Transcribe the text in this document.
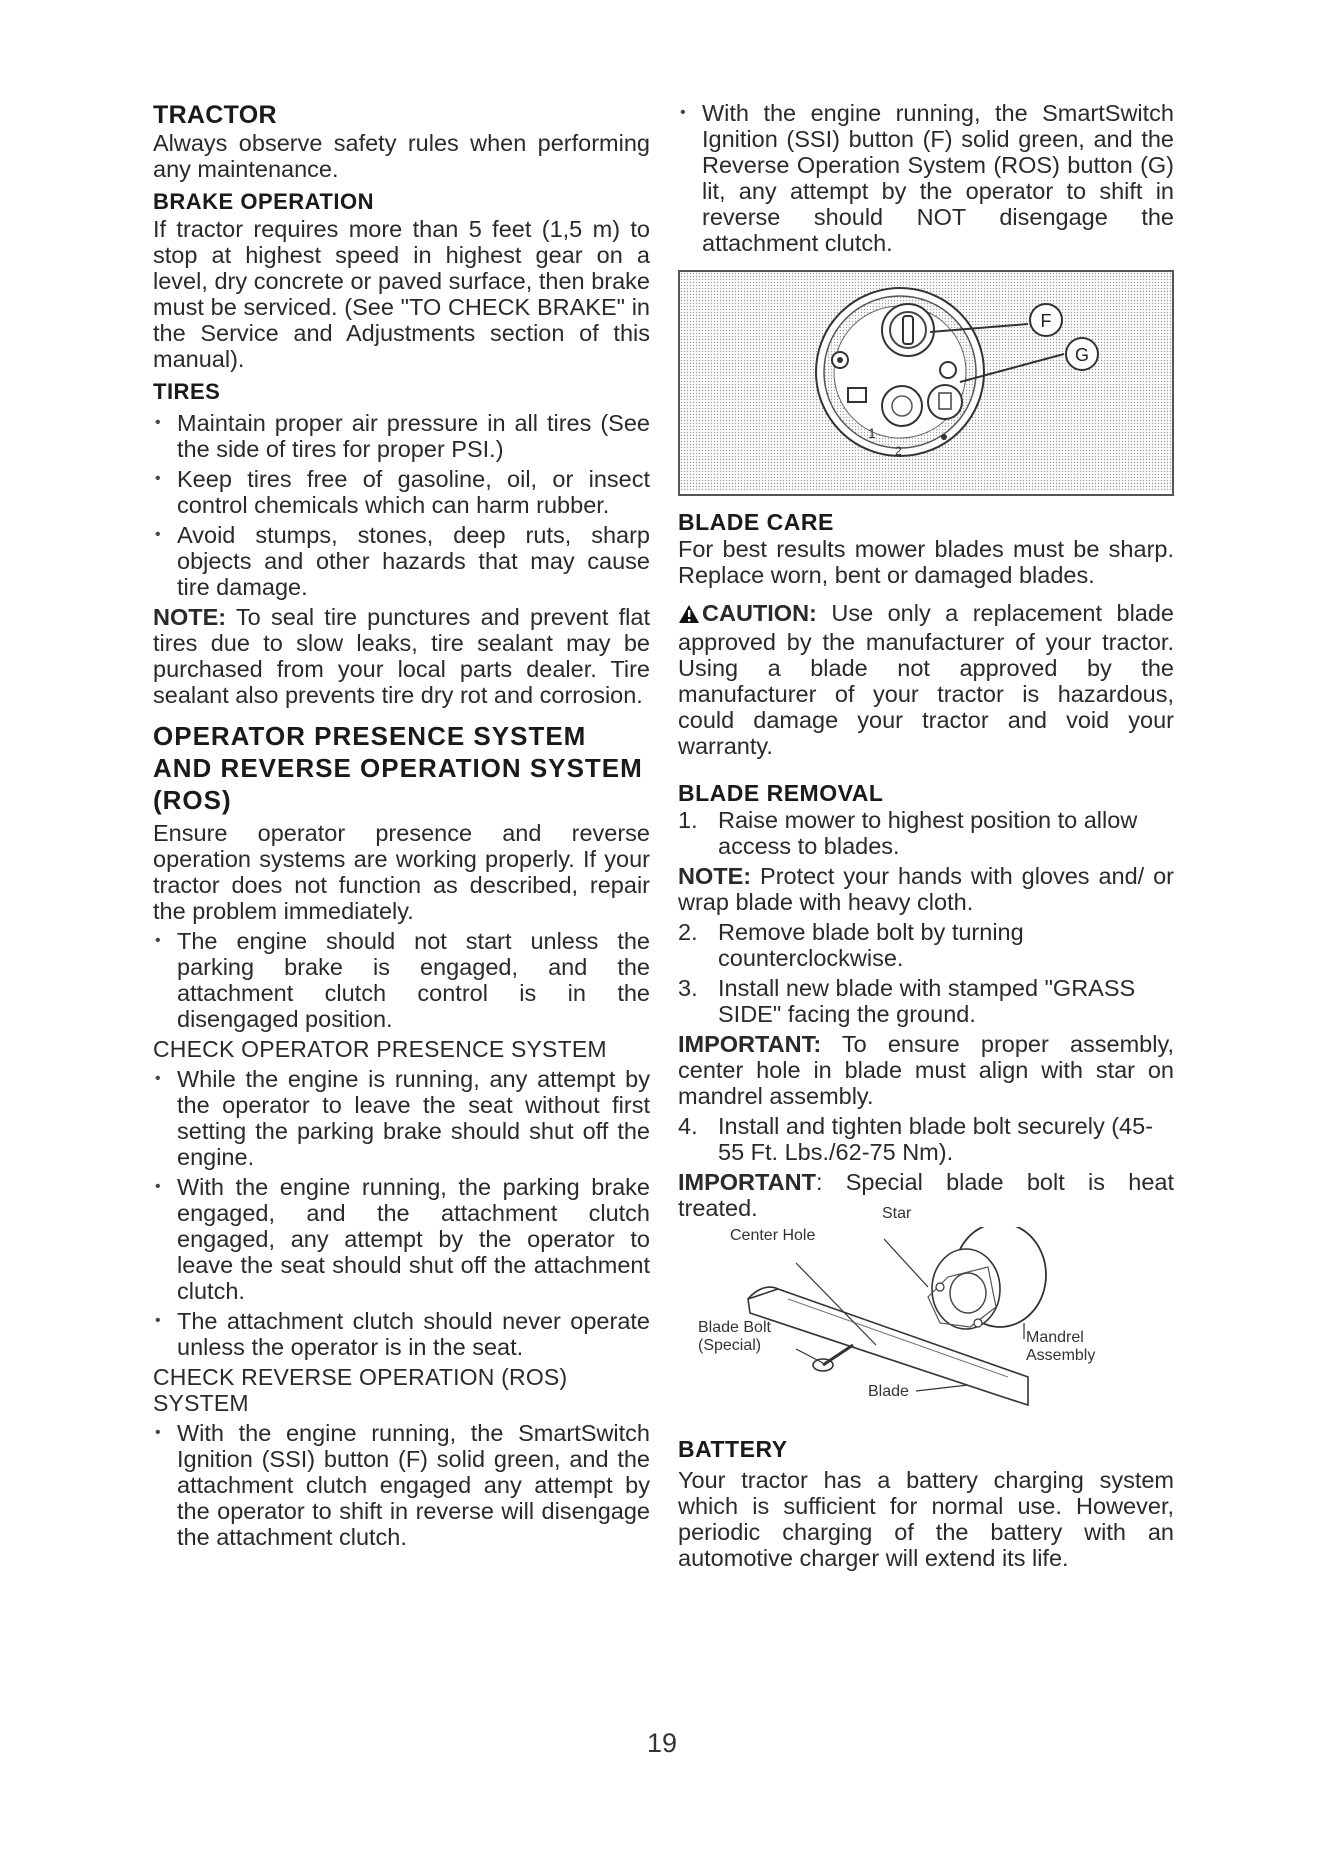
TRACTOR

Always observe safety rules when performing any maintenance.

BRAKE OPERATION

If tractor requires more than 5 feet (1,5 m) to stop at highest speed in highest gear on a level, dry concrete or paved surface, then brake must be serviced. (See "TO CHECK BRAKE" in the Service and Adjustments section of this manual).

TIRES
• Maintain proper air pressure in all tires (See the side of tires for proper PSI.)
• Keep tires free of gasoline, oil, or insect control chemicals which can harm rubber.
• Avoid stumps, stones, deep ruts, sharp objects and other hazards that may cause tire damage.

NOTE: To seal tire punctures and prevent flat tires due to slow leaks, tire sealant may be purchased from your local parts dealer. Tire sealant also prevents tire dry rot and corrosion.

OPERATOR PRESENCE SYSTEM AND REVERSE OPERATION SYSTEM (ROS)

Ensure operator presence and reverse operation systems are working properly. If your tractor does not function as described, repair the problem immediately.

• The engine should not start unless the parking brake is engaged, and the attachment clutch control is in the disengaged position.

CHECK OPERATOR PRESENCE SYSTEM

• While the engine is running, any attempt by the operator to leave the seat without first setting the parking brake should shut off the engine.
• With the engine running, the parking brake engaged, and the attachment clutch engaged, any attempt by the operator to leave the seat should shut off the attachment clutch.
• The attachment clutch should never operate unless the operator is in the seat.

CHECK REVERSE OPERATION (ROS) SYSTEM

• With the engine running, the SmartSwitch Ignition (SSI) button (F) solid green, and the attachment clutch engaged any attempt by the operator to shift in reverse will disengage the attachment clutch.
• With the engine running, the SmartSwitch Ignition (SSI) button (F) solid green, and the Reverse Operation System (ROS) button (G) lit, any attempt by the operator to shift in reverse should NOT disengage the attachment clutch.
1
2
F
G
BLADE CARE

For best results mower blades must be sharp. Replace worn, bent or damaged blades.

CAUTION: Use only a replacement blade approved by the manufacturer of your tractor. Using a blade not approved by the manufacturer of your tractor is hazardous, could damage your tractor and void your warranty.

BLADE REMOVAL
1. Raise mower to highest position to allow access to blades.

NOTE: Protect your hands with gloves and/ or wrap blade with heavy cloth.

2. Remove blade bolt by turning counterclockwise.
3. Install new blade with stamped "GRASS SIDE" facing the ground.

IMPORTANT: To ensure proper assembly, center hole in blade must align with star on mandrel assembly.

4. Install and tighten blade bolt securely (45-55 Ft. Lbs./62-75 Nm).

IMPORTANT: Special blade bolt is heat treated.	Star
Center Hole
Blade Bolt
(Special)	Mandrel
Assembly
Blade
BATTERY

Your tractor has a battery charging system which is sufficient for normal use. However, periodic charging of the battery with an automotive charger will extend its life.

19
